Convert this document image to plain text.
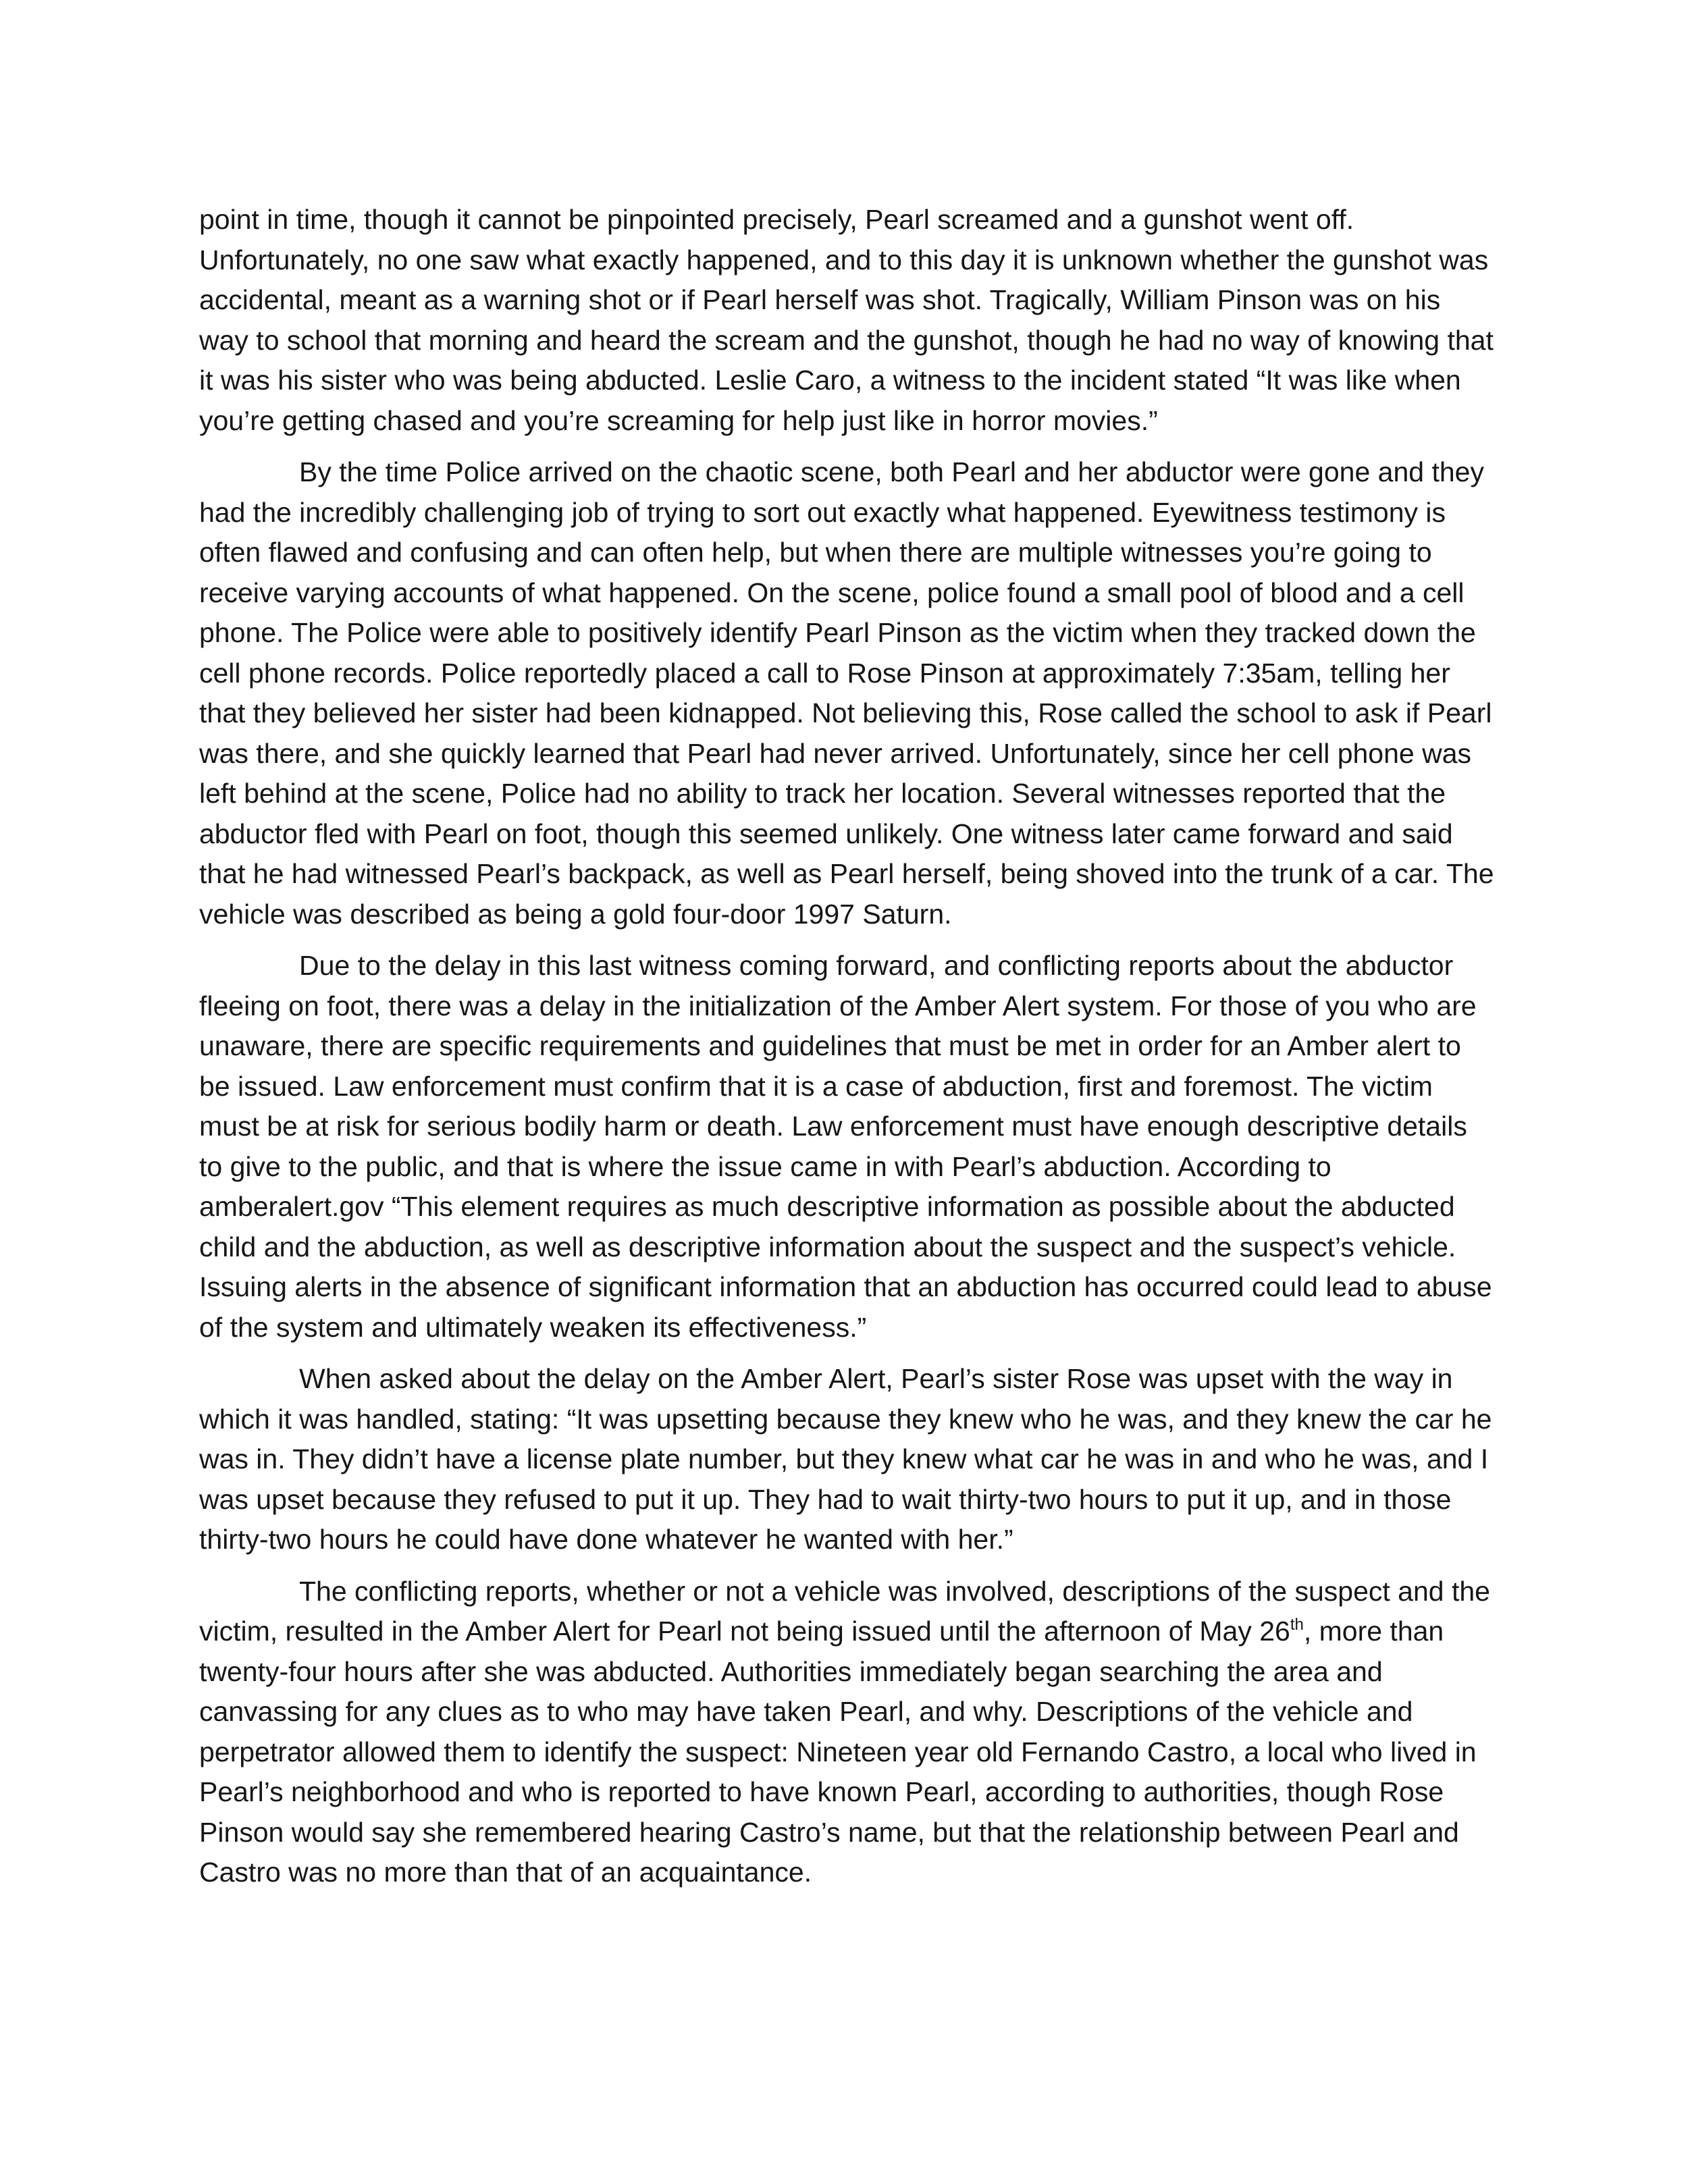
point in time, though it cannot be pinpointed precisely, Pearl screamed and a gunshot went off. Unfortunately, no one saw what exactly happened, and to this day it is unknown whether the gunshot was accidental, meant as a warning shot or if Pearl herself was shot. Tragically, William Pinson was on his way to school that morning and heard the scream and the gunshot, though he had no way of knowing that it was his sister who was being abducted. Leslie Caro, a witness to the incident stated “It was like when you’re getting chased and you’re screaming for help just like in horror movies.”

By the time Police arrived on the chaotic scene, both Pearl and her abductor were gone and they had the incredibly challenging job of trying to sort out exactly what happened. Eyewitness testimony is often flawed and confusing and can often help, but when there are multiple witnesses you’re going to receive varying accounts of what happened. On the scene, police found a small pool of blood and a cell phone. The Police were able to positively identify Pearl Pinson as the victim when they tracked down the cell phone records. Police reportedly placed a call to Rose Pinson at approximately 7:35am, telling her that they believed her sister had been kidnapped. Not believing this, Rose called the school to ask if Pearl was there, and she quickly learned that Pearl had never arrived. Unfortunately, since her cell phone was left behind at the scene, Police had no ability to track her location. Several witnesses reported that the abductor fled with Pearl on foot, though this seemed unlikely. One witness later came forward and said that he had witnessed Pearl’s backpack, as well as Pearl herself, being shoved into the trunk of a car. The vehicle was described as being a gold four-door 1997 Saturn.

Due to the delay in this last witness coming forward, and conflicting reports about the abductor fleeing on foot, there was a delay in the initialization of the Amber Alert system. For those of you who are unaware, there are specific requirements and guidelines that must be met in order for an Amber alert to be issued. Law enforcement must confirm that it is a case of abduction, first and foremost. The victim must be at risk for serious bodily harm or death. Law enforcement must have enough descriptive details to give to the public, and that is where the issue came in with Pearl’s abduction. According to amberalert.gov “This element requires as much descriptive information as possible about the abducted child and the abduction, as well as descriptive information about the suspect and the suspect’s vehicle. Issuing alerts in the absence of significant information that an abduction has occurred could lead to abuse of the system and ultimately weaken its effectiveness.”

When asked about the delay on the Amber Alert, Pearl’s sister Rose was upset with the way in which it was handled, stating: “It was upsetting because they knew who he was, and they knew the car he was in. They didn’t have a license plate number, but they knew what car he was in and who he was, and I was upset because they refused to put it up. They had to wait thirty-two hours to put it up, and in those thirty-two hours he could have done whatever he wanted with her.”

The conflicting reports, whether or not a vehicle was involved, descriptions of the suspect and the victim, resulted in the Amber Alert for Pearl not being issued until the afternoon of May 26th, more than twenty-four hours after she was abducted. Authorities immediately began searching the area and canvassing for any clues as to who may have taken Pearl, and why. Descriptions of the vehicle and perpetrator allowed them to identify the suspect: Nineteen year old Fernando Castro, a local who lived in Pearl’s neighborhood and who is reported to have known Pearl, according to authorities, though Rose Pinson would say she remembered hearing Castro’s name, but that the relationship between Pearl and Castro was no more than that of an acquaintance.
